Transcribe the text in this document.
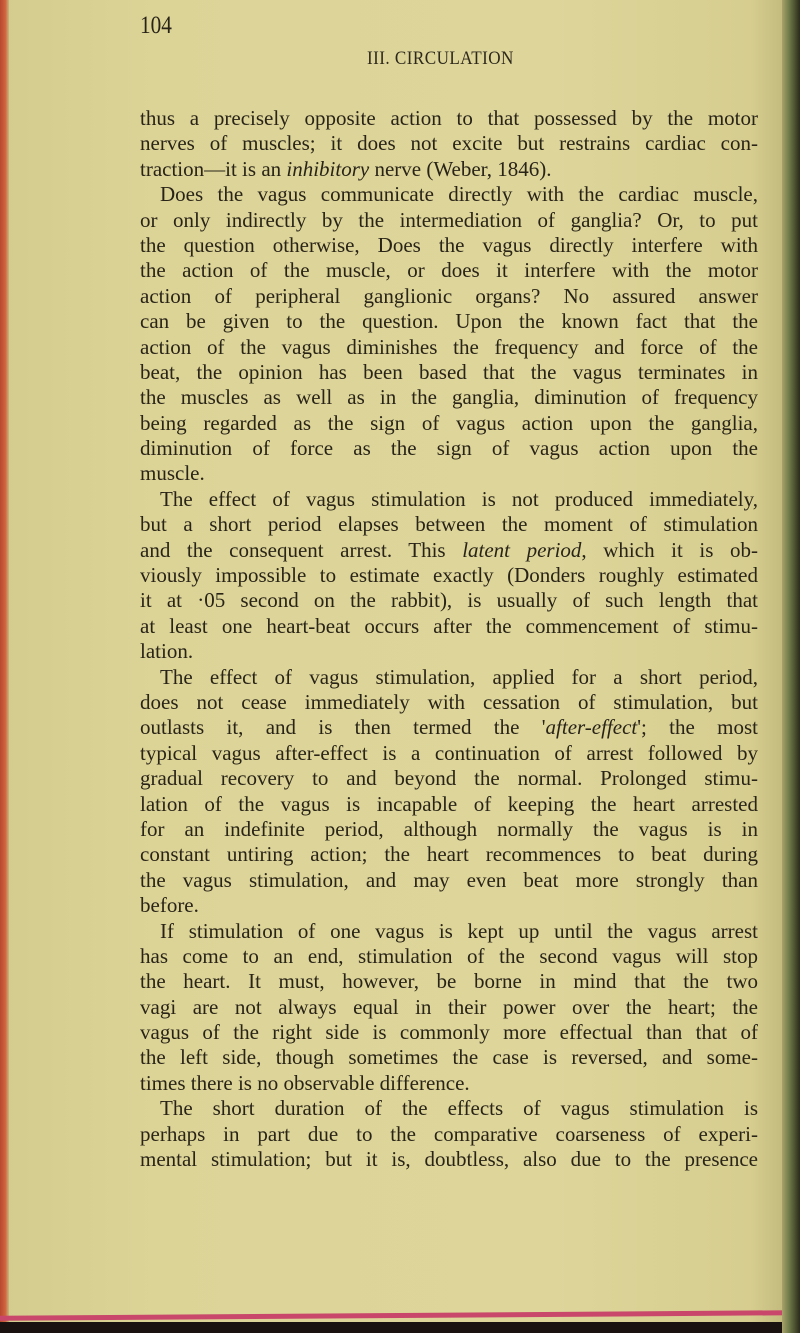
104
III. CIRCULATION
thus a precisely opposite action to that possessed by the motor
nerves of muscles; it does not excite but restrains cardiac con-
traction—it is an inhibitory nerve (Weber, 1846).
Does the vagus communicate directly with the cardiac muscle,
or only indirectly by the intermediation of ganglia? Or, to put
the question otherwise, Does the vagus directly interfere with
the action of the muscle, or does it interfere with the motor
action of peripheral ganglionic organs? No assured answer
can be given to the question. Upon the known fact that the
action of the vagus diminishes the frequency and force of the
beat, the opinion has been based that the vagus terminates in
the muscles as well as in the ganglia, diminution of frequency
being regarded as the sign of vagus action upon the ganglia,
diminution of force as the sign of vagus action upon the
muscle.
The effect of vagus stimulation is not produced immediately,
but a short period elapses between the moment of stimulation
and the consequent arrest. This latent period, which it is ob-
viously impossible to estimate exactly (Donders roughly estimated
it at ·05 second on the rabbit), is usually of such length that
at least one heart-beat occurs after the commencement of stimu-
lation.
The effect of vagus stimulation, applied for a short period,
does not cease immediately with cessation of stimulation, but
outlasts it, and is then termed the 'after-effect'; the most
typical vagus after-effect is a continuation of arrest followed by
gradual recovery to and beyond the normal. Prolonged stimu-
lation of the vagus is incapable of keeping the heart arrested
for an indefinite period, although normally the vagus is in
constant untiring action; the heart recommences to beat during
the vagus stimulation, and may even beat more strongly than
before.
If stimulation of one vagus is kept up until the vagus arrest
has come to an end, stimulation of the second vagus will stop
the heart. It must, however, be borne in mind that the two
vagi are not always equal in their power over the heart; the
vagus of the right side is commonly more effectual than that of
the left side, though sometimes the case is reversed, and some-
times there is no observable difference.
The short duration of the effects of vagus stimulation is
perhaps in part due to the comparative coarseness of experi-
mental stimulation; but it is, doubtless, also due to the presence
